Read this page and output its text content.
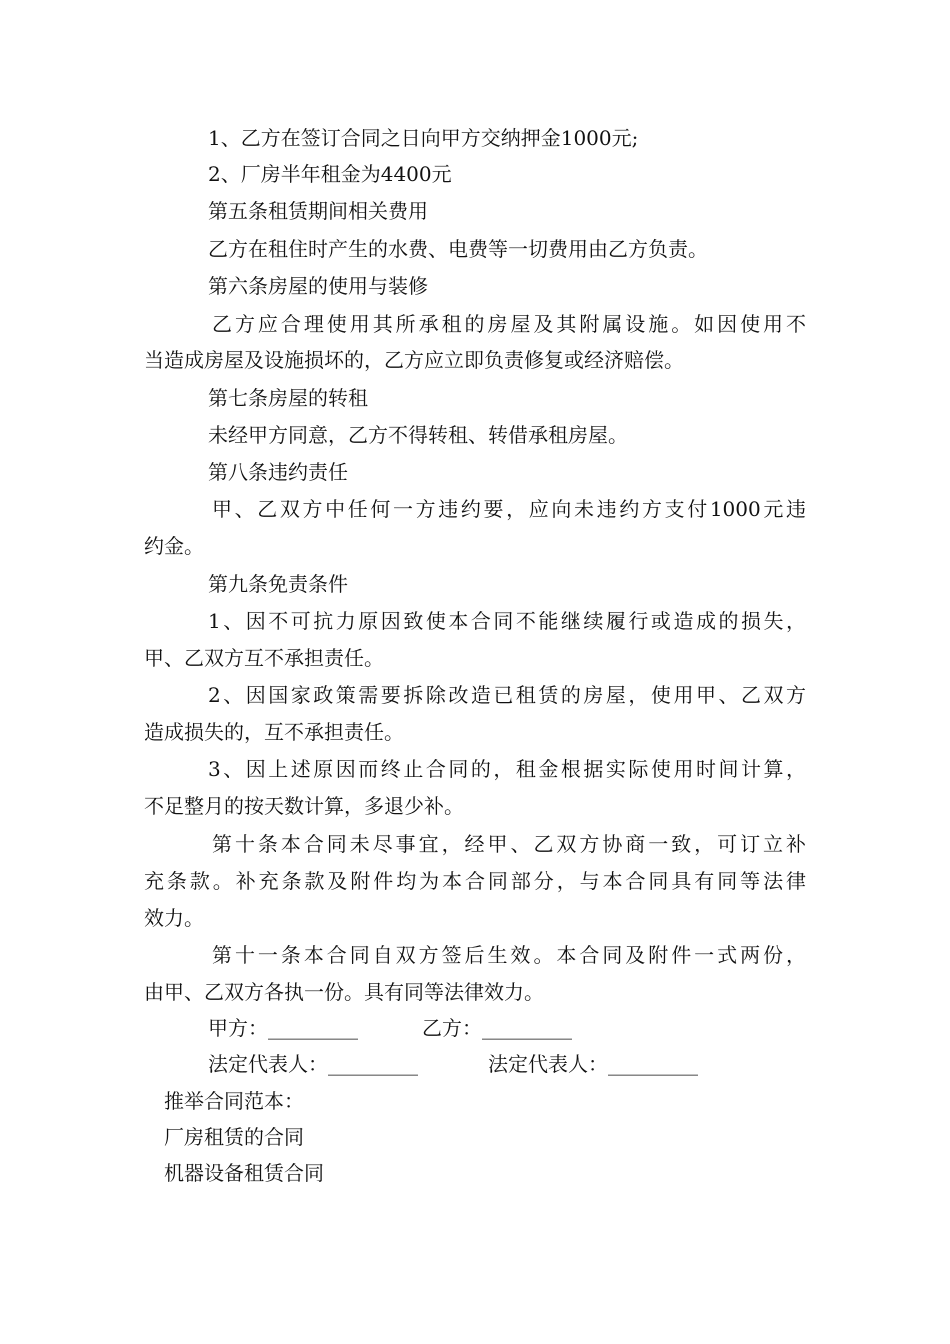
1、乙方在签订合同之日向甲方交纳押金1000元;
2、厂房半年租金为4400元
第五条租赁期间相关费用
乙方在租住时产生的水费、电费等一切费用由乙方负责。
第六条房屋的使用与装修
乙方应合理使用其所承租的房屋及其附属设施。如因使用不
当造成房屋及设施损坏的，乙方应立即负责修复或经济赔偿。
第七条房屋的转租
未经甲方同意，乙方不得转租、转借承租房屋。
第八条违约责任
甲、乙双方中任何一方违约要，应向未违约方支付1000元违
约金。
第九条免责条件
1、因不可抗力原因致使本合同不能继续履行或造成的损失，
甲、乙双方互不承担责任。
2、因国家政策需要拆除改造已租赁的房屋，使用甲、乙双方
造成损失的，互不承担责任。
3、因上述原因而终止合同的，租金根据实际使用时间计算，
不足整月的按天数计算，多退少补。
第十条本合同未尽事宜，经甲、乙双方协商一致，可订立补
充条款。补充条款及附件均为本合同部分，与本合同具有同等法律
效力。
第十一条本合同自双方签后生效。本合同及附件一式两份，
由甲、乙双方各执一份。具有同等法律效力。
甲方：_________	乙方：_________
法定代表人：_________	法定代表人：_________
推举合同范本：
厂房租赁的合同
机器设备租赁合同
